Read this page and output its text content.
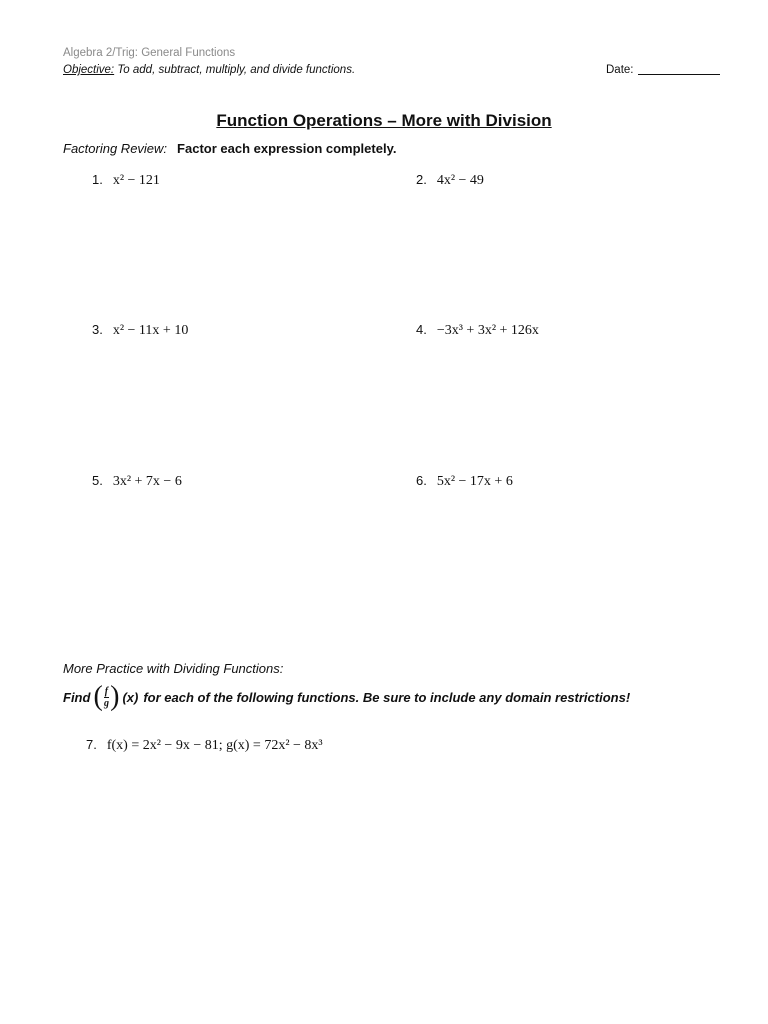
Algebra 2/Trig: General Functions
Objective: To add, subtract, multiply, and divide functions.	Date:
Function Operations – More with Division
Factoring Review: Factor each expression completely.
1. x² − 121	2. 4x² − 49
3. x² − 11x + 10	4. −3x³ + 3x² + 126x
5. 3x² + 7x − 6	6. 5x² − 17x + 6
More Practice with Dividing Functions:
Find ( $\frac{f}{g}$ ) (x) for each of the following functions. Be sure to include any domain restrictions!
7. f(x) = 2x² − 9x − 81; g(x) = 72x² − 8x³
